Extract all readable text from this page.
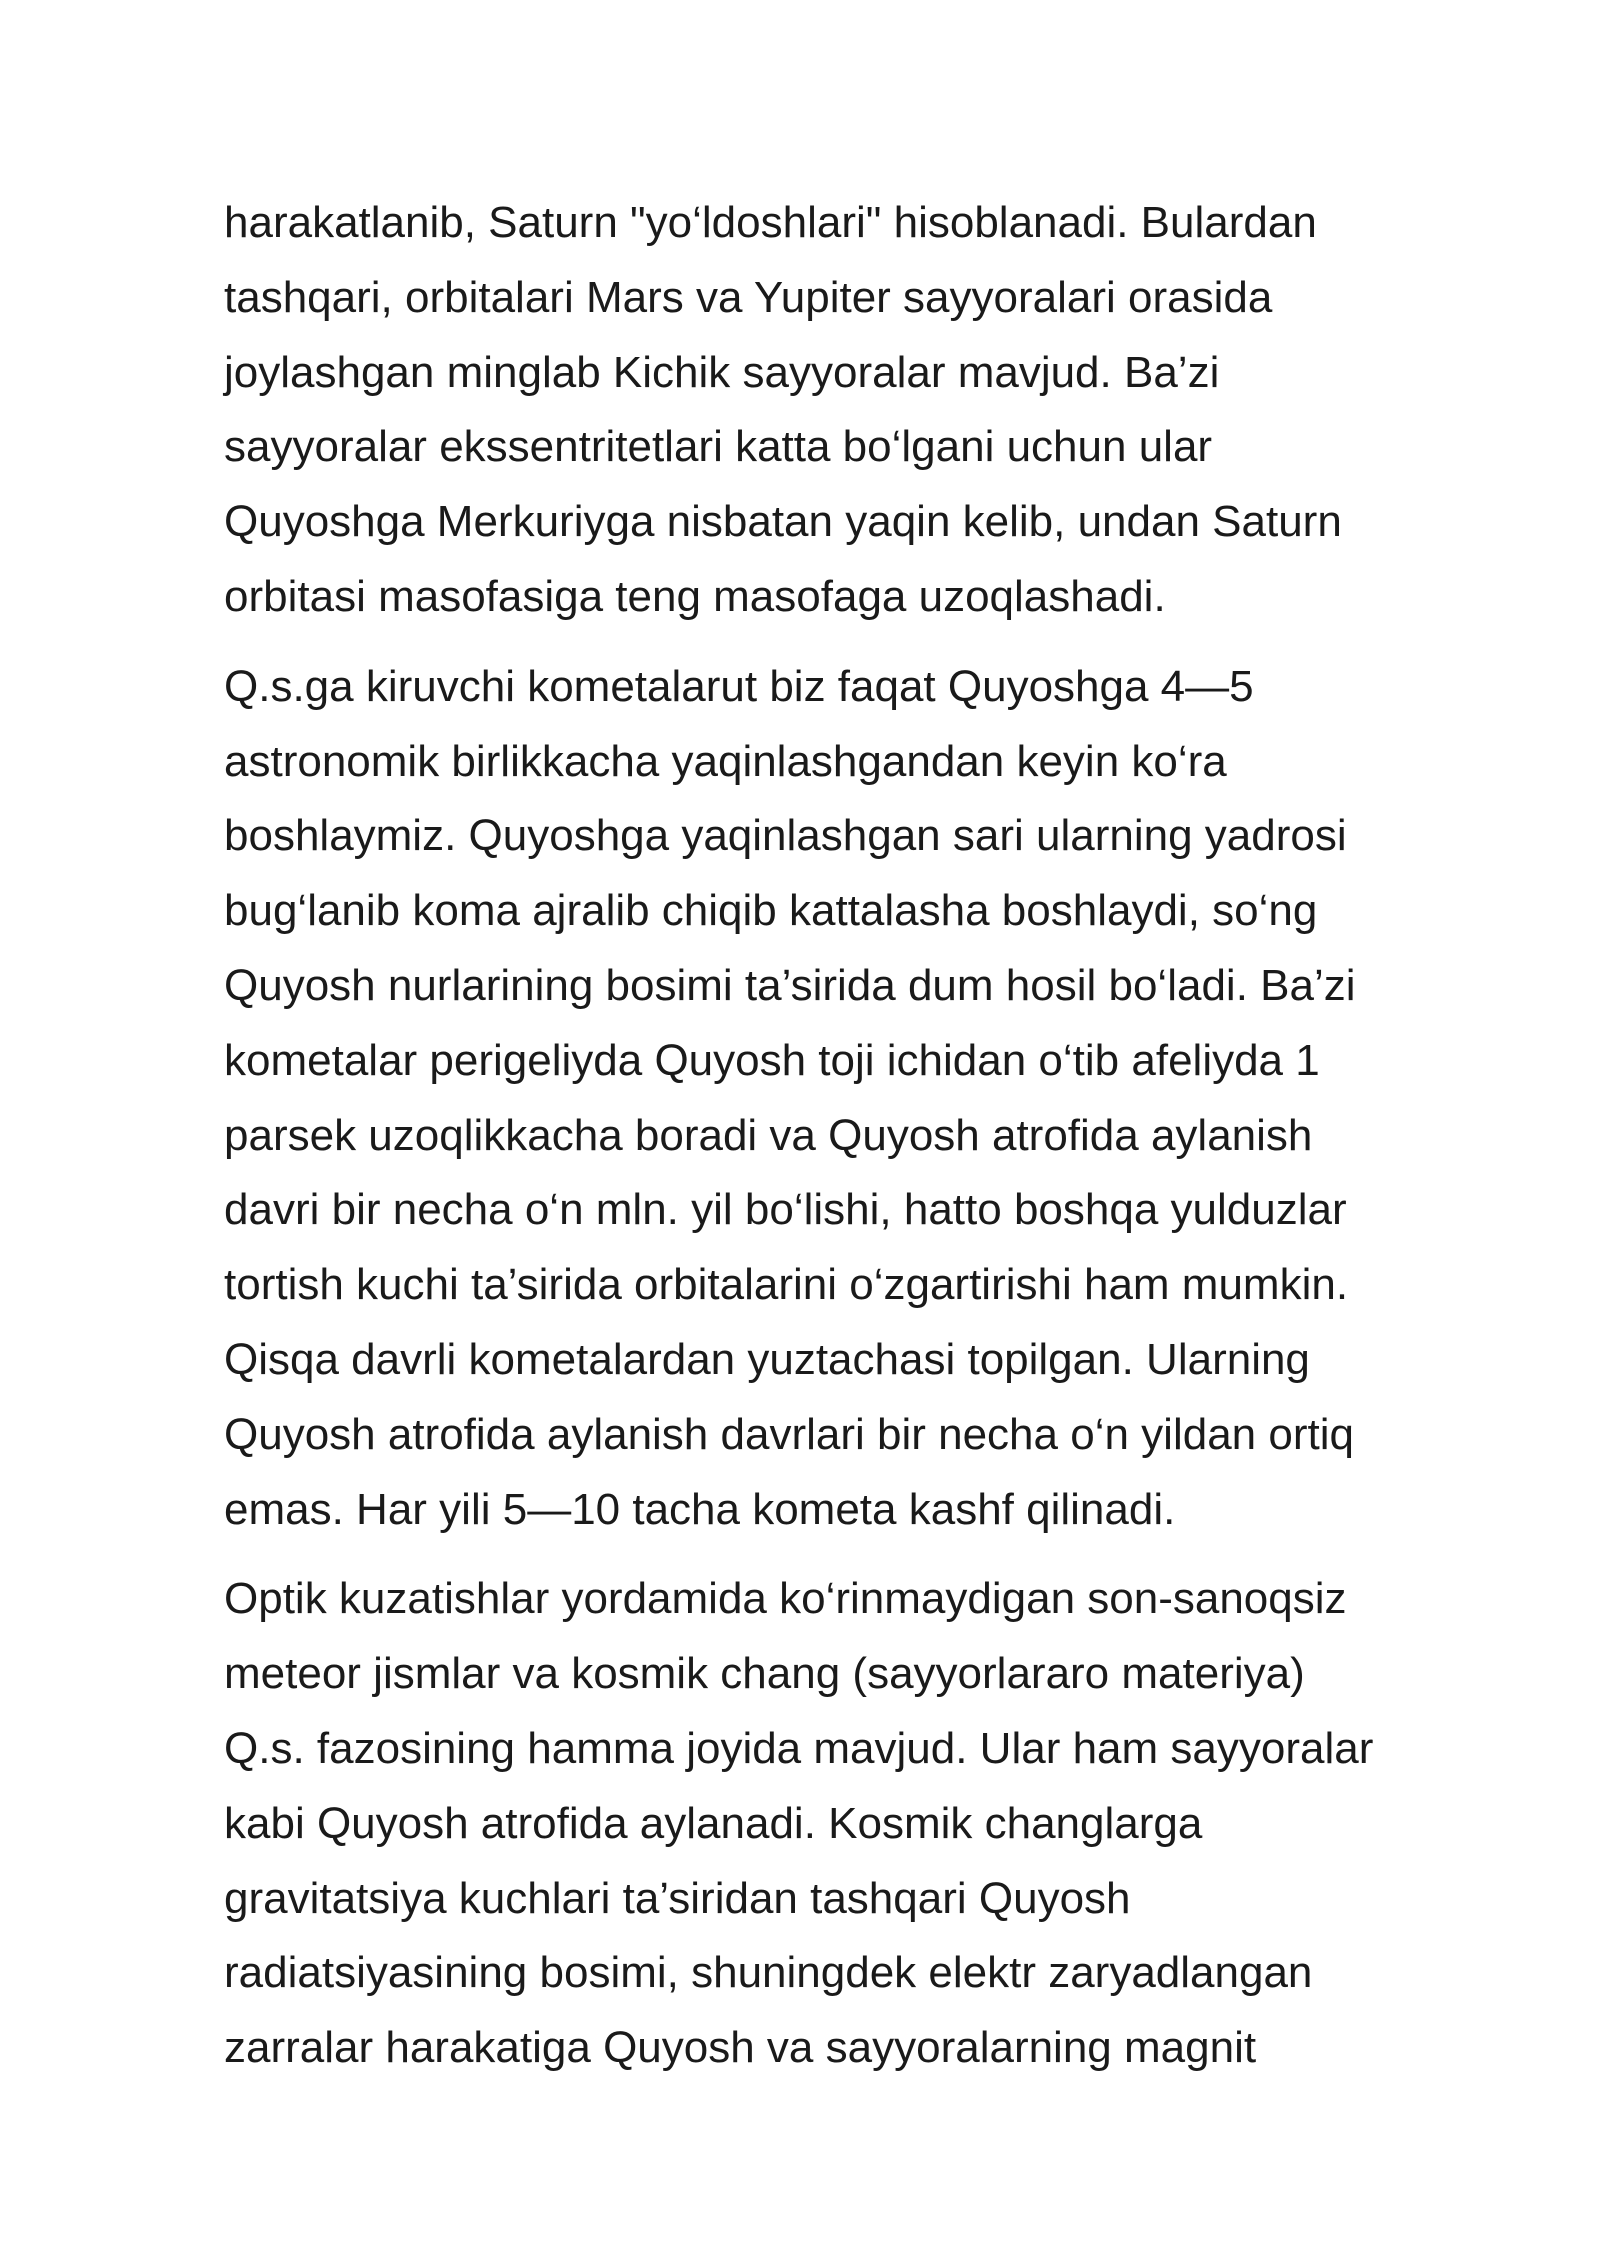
harakatlanib, Saturn "yo‘ldoshlari" hisoblanadi. Bulardan
tashqari, orbitalari Mars va Yupiter sayyoralari orasida
joylashgan minglab Kichik sayyoralar mavjud. Ba’zi
sayyoralar ekssentritetlari katta bo‘lgani uchun ular
Quyoshga Merkuriyga nisbatan yaqin kelib, undan Saturn
orbitasi masofasiga teng masofaga uzoqlashadi.

Q.s.ga kiruvchi kometalarut biz faqat Quyoshga 4—5
astronomik birlikkacha yaqinlashgandan keyin ko‘ra
boshlaymiz. Quyoshga yaqinlashgan sari ularning yadrosi
bug‘lanib koma ajralib chiqib kattalasha boshlaydi, so‘ng
Quyosh nurlarining bosimi ta’sirida dum hosil bo‘ladi. Ba’zi
kometalar perigeliyda Quyosh toji ichidan o‘tib afeliyda 1
parsek uzoqlikkacha boradi va Quyosh atrofida aylanish
davri bir necha o‘n mln. yil bo‘lishi, hatto boshqa yulduzlar
tortish kuchi ta’sirida orbitalarini o‘zgartirishi ham mumkin.
Qisqa davrli kometalardan yuztachasi topilgan. Ularning
Quyosh atrofida aylanish davrlari bir necha o‘n yildan ortiq
emas. Har yili 5—10 tacha kometa kashf qilinadi.

Optik kuzatishlar yordamida ko‘rinmaydigan son-sanoqsiz
meteor jismlar va kosmik chang (sayyorlararo materiya)
Q.s. fazosining hamma joyida mavjud. Ular ham sayyoralar
kabi Quyosh atrofida aylanadi. Kosmik changlarga
gravitatsiya kuchlari ta’siridan tashqari Quyosh
radiatsiyasining bosimi, shuningdek elektr zaryadlangan
zarralar harakatiga Quyosh va sayyoralarning magnit
